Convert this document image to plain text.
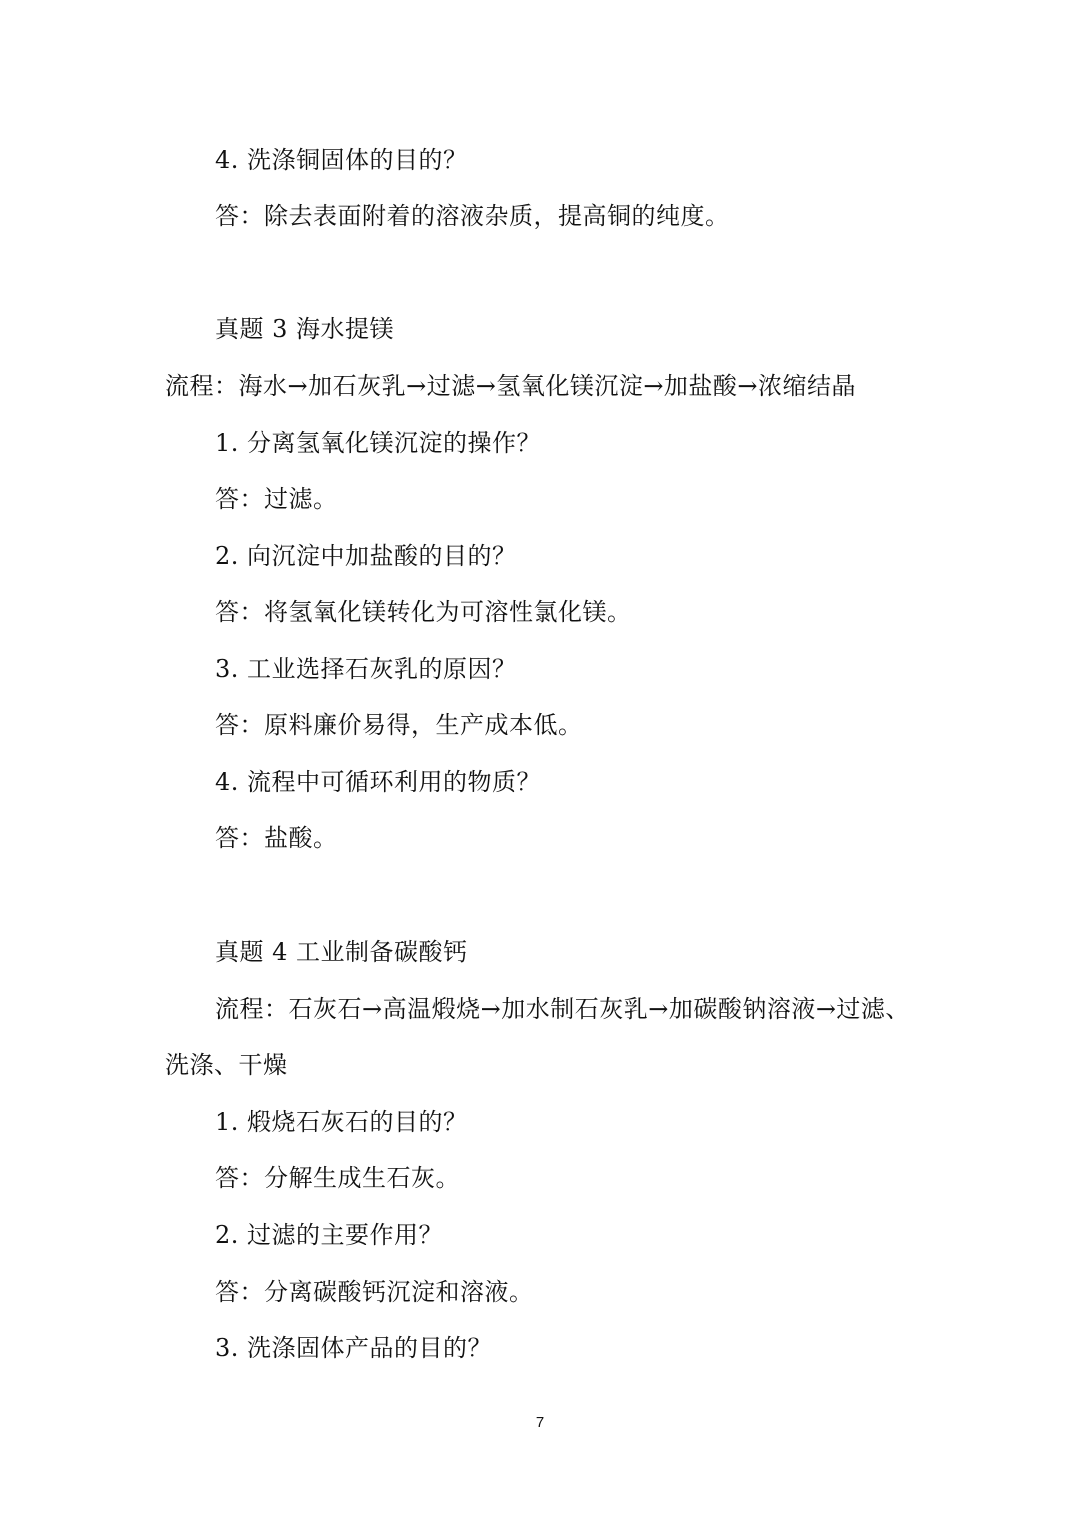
4. 洗涤铜固体的目的？
答：除去表面附着的溶液杂质，提高铜的纯度。
真题 3 海水提镁
流程：海水→加石灰乳→过滤→氢氧化镁沉淀→加盐酸→浓缩结晶
1. 分离氢氧化镁沉淀的操作？
答：过滤。
2. 向沉淀中加盐酸的目的？
答：将氢氧化镁转化为可溶性氯化镁。
3. 工业选择石灰乳的原因？
答：原料廉价易得，生产成本低。
4. 流程中可循环利用的物质？
答：盐酸。
真题 4 工业制备碳酸钙
流程：石灰石→高温煅烧→加水制石灰乳→加碳酸钠溶液→过滤、
洗涤、干燥
1. 煅烧石灰石的目的？
答：分解生成生石灰。
2. 过滤的主要作用？
答：分离碳酸钙沉淀和溶液。
3. 洗涤固体产品的目的？
7
